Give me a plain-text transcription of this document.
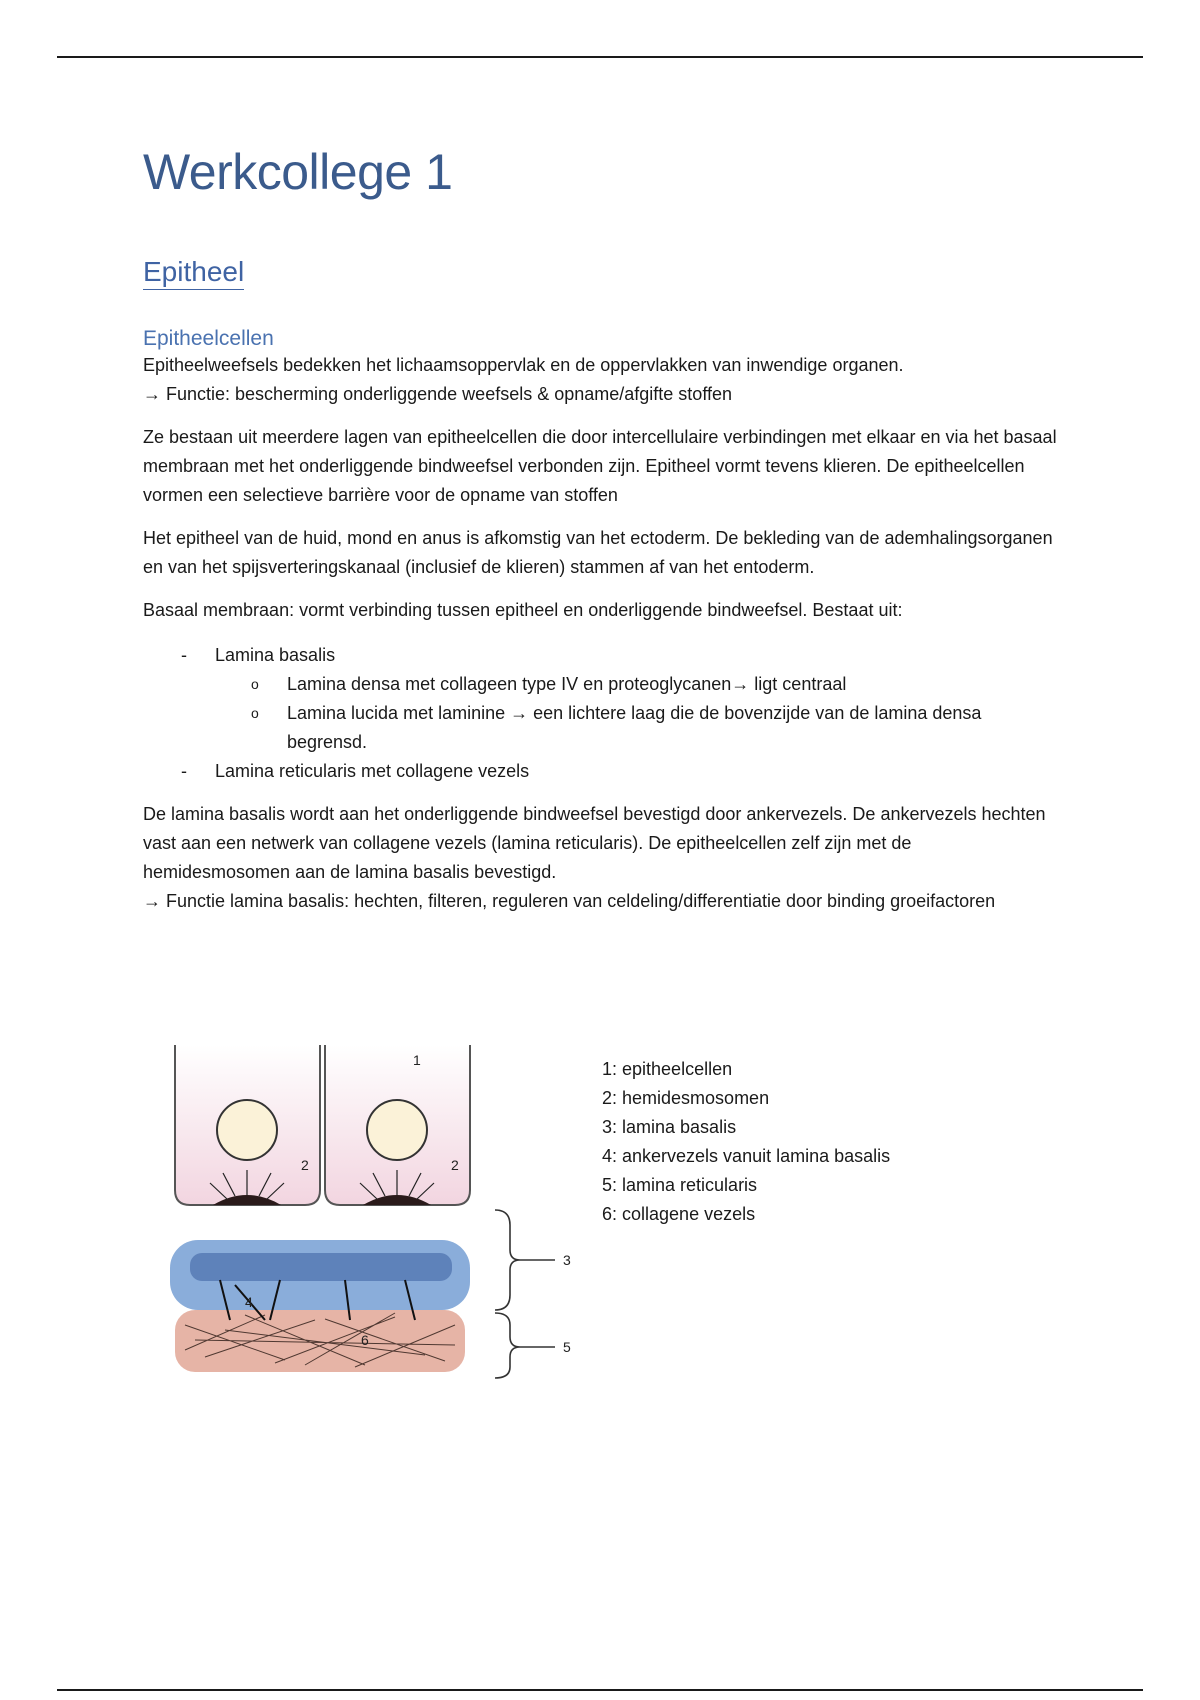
Werkcollege 1
Epitheel
Epitheelcellen

Epitheelweefsels bedekken het lichaamsoppervlak en de oppervlakken van inwendige organen.

→ Functie: bescherming onderliggende weefsels & opname/afgifte stoffen

Ze bestaan uit meerdere lagen van epitheelcellen die door intercellulaire verbindingen met elkaar en via het basaal membraan met het onderliggende bindweefsel verbonden zijn. Epitheel vormt tevens klieren. De epitheelcellen vormen een selectieve barrière voor de opname van stoffen

Het epitheel van de huid, mond en anus is afkomstig van het ectoderm. De bekleding van de ademhalingsorganen en van het spijsverteringskanaal (inclusief de klieren) stammen af van het entoderm.

Basaal membraan: vormt verbinding tussen epitheel en onderliggende bindweefsel. Bestaat uit:

- Lamina basalis
o Lamina densa met collageen type IV en proteoglycanen→ ligt centraal
o Lamina lucida met laminine → een lichtere laag die de bovenzijde van de lamina densa begrensd.
- Lamina reticularis met collagene vezels

De lamina basalis wordt aan het onderliggende bindweefsel bevestigd door ankervezels. De ankervezels hechten vast aan een netwerk van collagene vezels (lamina reticularis). De epitheelcellen zelf zijn met de hemidesmosomen aan de lamina basalis bevestigd.

→ Functie lamina basalis: hechten, filteren, reguleren van celdeling/differentiatie door binding groeifactoren

1
2	2
3
4
5
6
1: epitheelcellen
2: hemidesmosomen
3: lamina basalis
4: ankervezels vanuit lamina basalis
5: lamina reticularis
6: collagene vezels
